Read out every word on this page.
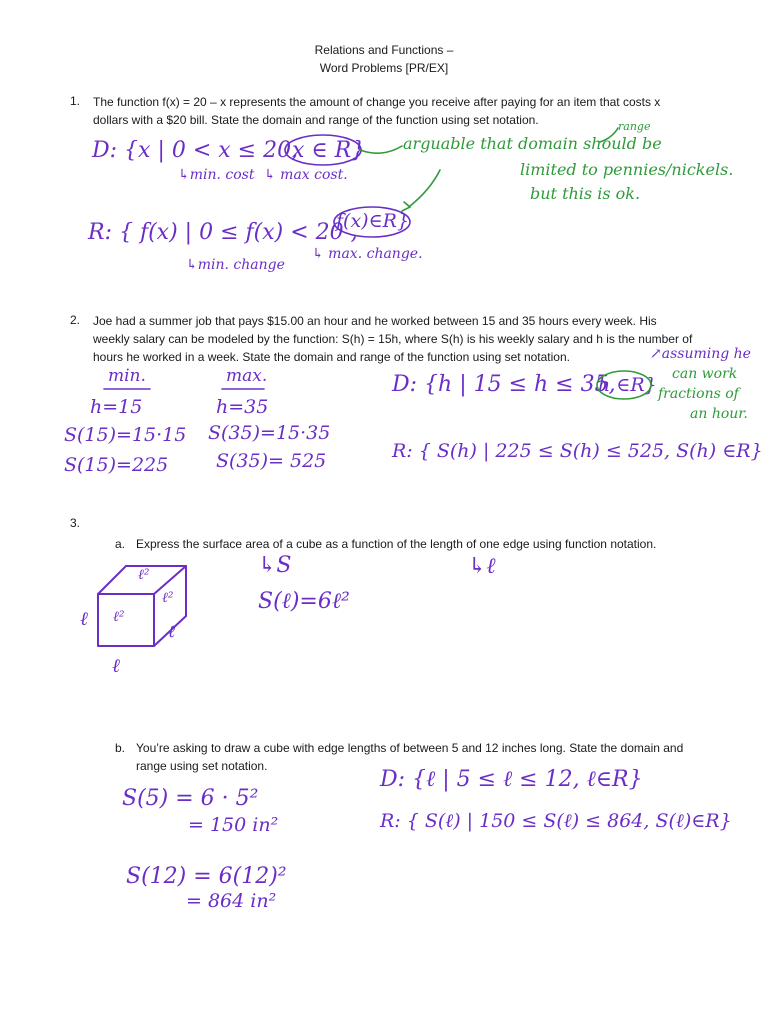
Relations and Functions –
Word Problems [PR/EX]
1. The function f(x) = 20 – x represents the amount of change you receive after paying for an item that costs x
dollars with a $20 bill. State the domain and range of the function using set notation.
D: {x | 0 < x ≤ 20,
x ∈ R}
↳min. cost ↳ max cost.
arguable that domain should be
range
limited to pennies/nickels.
but this is ok.
R: { f(x) | 0 ≤ f(x) < 20 ,
f(x)∈R}
↳min. change
↳ max. change.
2. Joe had a summer job that pays $15.00 an hour and he worked between 15 and 35 hours every week. His
weekly salary can be modeled by the function: S(h) = 15h, where S(h) is his weekly salary and h is the number of
hours he worked in a week. State the domain and range of the function using set notation.
min.	max.
h=15
S(15)=15·15
S(15)=225
h=35
S(35)=15·35
S(35)= 525
D: {h | 15 ≤ h ≤ 35,
h ∈R}
↗assuming he
can work
fractions of
an hour.
R: { S(h) | 225 ≤ S(h) ≤ 525, S(h) ∈R}
3.
a. Express the surface area of a cube as a function of the length of one edge using function notation.
ℓ²
ℓ²
ℓ²
ℓ
ℓ
ℓ
↳S	↳ℓ
S(ℓ)=6ℓ²
b. You’re asking to draw a cube with edge lengths of between 5 and 12 inches long. State the domain and
range using set notation.
S(5) = 6 · 5²
= 150 in²
S(12) = 6(12)²
= 864 in²
D: {ℓ | 5 ≤ ℓ ≤ 12, ℓ∈R}
R: { S(ℓ) | 150 ≤ S(ℓ) ≤ 864, S(ℓ)∈R}
